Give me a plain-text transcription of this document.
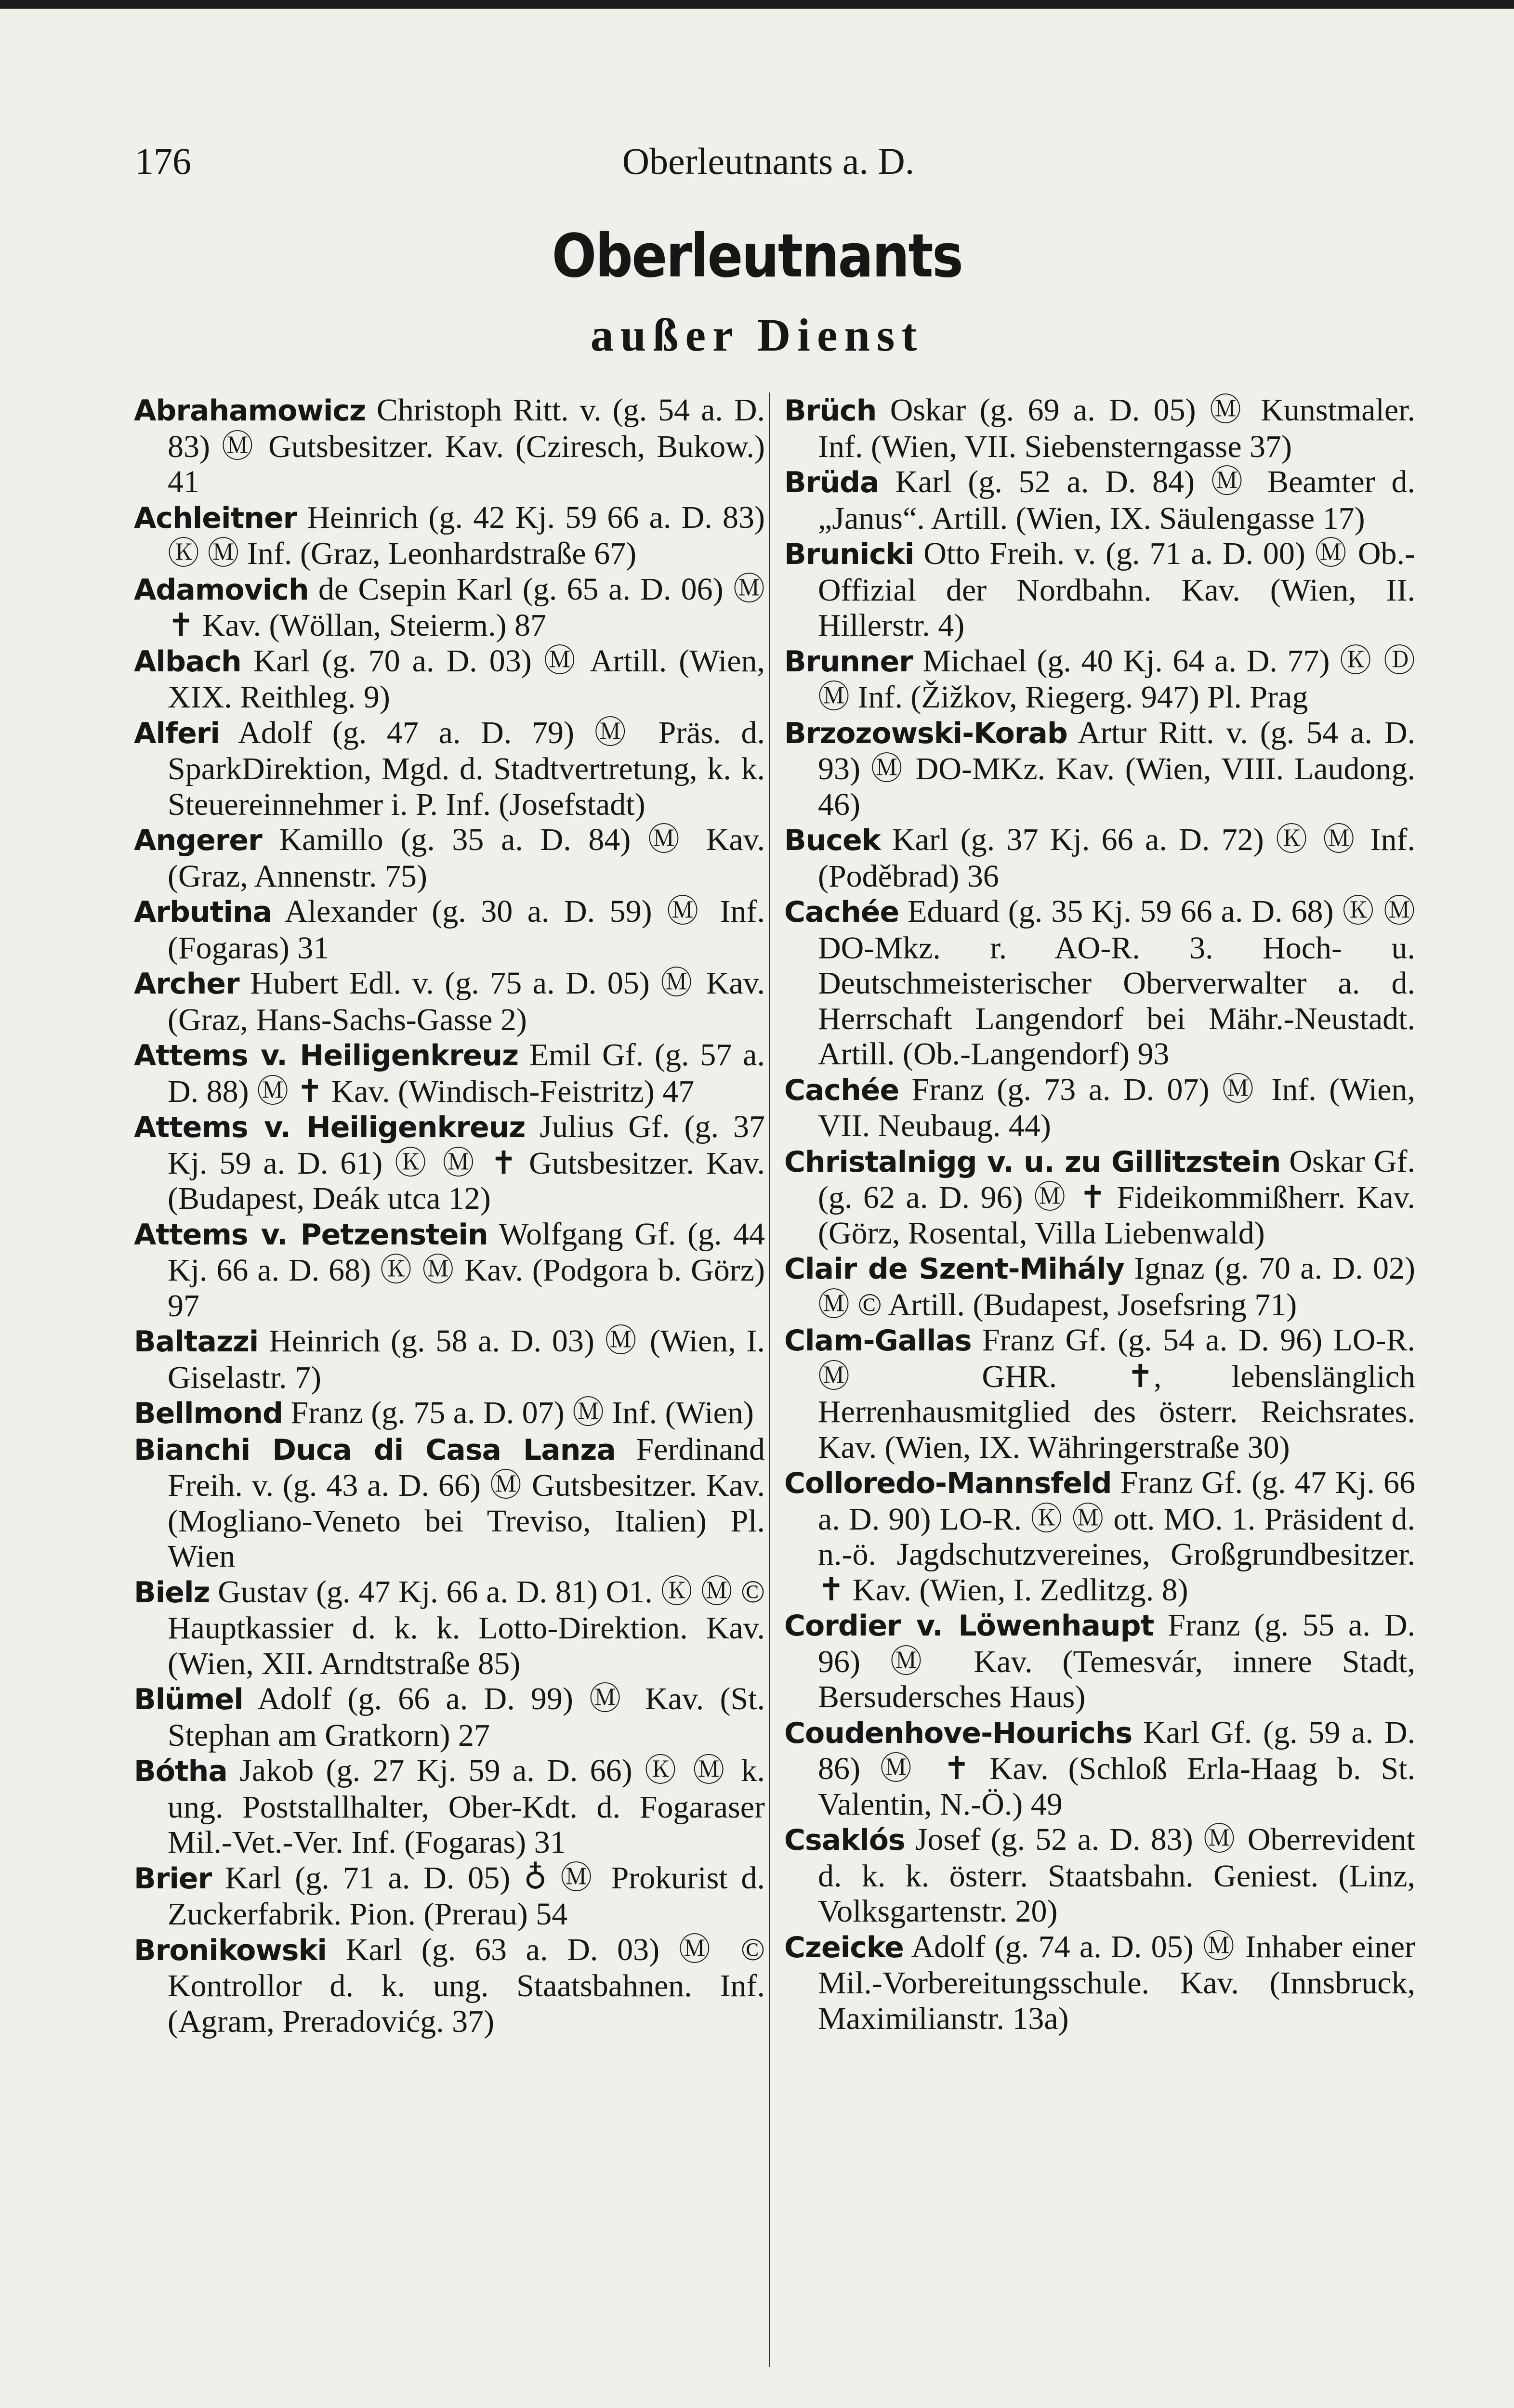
176	Oberleutnants a. D.
Oberleutnants
außer Dienst

Abrahamowicz Christoph Ritt. v. (g. 54 a. D. 83) Ⓜ Gutsbesitzer. Kav. (Cziresch, Bukow.) 41

Achleitner Heinrich (g. 42 Kj. 59 66 a. D. 83) Ⓚ Ⓜ Inf. (Graz, Leonhardstraße 67)

Adamovich de Csepin Karl (g. 65 a. D. 06) Ⓜ ✝ Kav. (Wöllan, Steierm.) 87

Albach Karl (g. 70 a. D. 03) Ⓜ Artill. (Wien, XIX. Reithleg. 9)

Alferi Adolf (g. 47 a. D. 79) Ⓜ Präs. d. SparkDirektion, Mgd. d. Stadtvertretung, k. k. Steuereinnehmer i. P. Inf. (Josefstadt)

Angerer Kamillo (g. 35 a. D. 84) Ⓜ Kav. (Graz, Annenstr. 75)

Arbutina Alexander (g. 30 a. D. 59) Ⓜ Inf. (Fogaras) 31

Archer Hubert Edl. v. (g. 75 a. D. 05) Ⓜ Kav. (Graz, Hans-Sachs-Gasse 2)

Attems v. Heiligenkreuz Emil Gf. (g. 57 a. D. 88) Ⓜ ✝ Kav. (Windisch-Feistritz) 47

Attems v. Heiligenkreuz Julius Gf. (g. 37 Kj. 59 a. D. 61) Ⓚ Ⓜ ✝ Gutsbesitzer. Kav. (Budapest, Deák utca 12)

Attems v. Petzenstein Wolfgang Gf. (g. 44 Kj. 66 a. D. 68) Ⓚ Ⓜ Kav. (Podgora b. Görz) 97

Baltazzi Heinrich (g. 58 a. D. 03) Ⓜ (Wien, I. Giselastr. 7)

Bellmond Franz (g. 75 a. D. 07) Ⓜ Inf. (Wien)

Bianchi Duca di Casa Lanza Ferdinand Freih. v. (g. 43 a. D. 66) Ⓜ Gutsbesitzer. Kav. (Mogliano-Veneto bei Treviso, Italien) Pl. Wien

Bielz Gustav (g. 47 Kj. 66 a. D. 81) O1. Ⓚ Ⓜ © Hauptkassier d. k. k. Lotto-Direktion. Kav. (Wien, XII. Arndtstraße 85)

Blümel Adolf (g. 66 a. D. 99) Ⓜ Kav. (St. Stephan am Gratkorn) 27

Bótha Jakob (g. 27 Kj. 59 a. D. 66) Ⓚ Ⓜ k. ung. Poststallhalter, Ober-Kdt. d. Fogaraser Mil.-Vet.-Ver. Inf. (Fogaras) 31

Brier Karl (g. 71 a. D. 05) ♁ Ⓜ Prokurist d. Zuckerfabrik. Pion. (Prerau) 54

Bronikowski Karl (g. 63 a. D. 03) Ⓜ © Kontrollor d. k. ung. Staatsbahnen. Inf. (Agram, Preradovićg. 37)

Brüch Oskar (g. 69 a. D. 05) Ⓜ Kunstmaler. Inf. (Wien, VII. Siebensterngasse 37)

Brüda Karl (g. 52 a. D. 84) Ⓜ Beamter d. „Janus“. Artill. (Wien, IX. Säulengasse 17)

Brunicki Otto Freih. v. (g. 71 a. D. 00) Ⓜ Ob.-Offizial der Nordbahn. Kav. (Wien, II. Hillerstr. 4)

Brunner Michael (g. 40 Kj. 64 a. D. 77) Ⓚ Ⓓ Ⓜ Inf. (Žižkov, Riegerg. 947) Pl. Prag

Brzozowski-Korab Artur Ritt. v. (g. 54 a. D. 93) Ⓜ DO-MKz. Kav. (Wien, VIII. Laudong. 46)

Bucek Karl (g. 37 Kj. 66 a. D. 72) Ⓚ Ⓜ Inf. (Poděbrad) 36

Cachée Eduard (g. 35 Kj. 59 66 a. D. 68) Ⓚ Ⓜ DO-Mkz. r. AO-R. 3. Hoch- u. Deutschmeisterischer Oberverwalter a. d. Herrschaft Langendorf bei Mähr.-Neustadt. Artill. (Ob.-Langendorf) 93

Cachée Franz (g. 73 a. D. 07) Ⓜ Inf. (Wien, VII. Neubaug. 44)

Christalnigg v. u. zu Gillitzstein Oskar Gf. (g. 62 a. D. 96) Ⓜ ✝ Fideikommißherr. Kav. (Görz, Rosental, Villa Liebenwald)

Clair de Szent-Mihály Ignaz (g. 70 a. D. 02) Ⓜ © Artill. (Budapest, Josefsring 71)

Clam-Gallas Franz Gf. (g. 54 a. D. 96) LO-R. Ⓜ GHR. ✝, lebenslänglich Herrenhausmitglied des österr. Reichsrates. Kav. (Wien, IX. Währingerstraße 30)

Colloredo-Mannsfeld Franz Gf. (g. 47 Kj. 66 a. D. 90) LO-R. Ⓚ Ⓜ ott. MO. 1. Präsident d. n.-ö. Jagdschutzvereines, Großgrundbesitzer. ✝ Kav. (Wien, I. Zedlitzg. 8)

Cordier v. Löwenhaupt Franz (g. 55 a. D. 96) Ⓜ Kav. (Temesvár, innere Stadt, Bersudersches Haus)

Coudenhove-Hourichs Karl Gf. (g. 59 a. D. 86) Ⓜ ✝ Kav. (Schloß Erla-Haag b. St. Valentin, N.-Ö.) 49

Csaklós Josef (g. 52 a. D. 83) Ⓜ Oberrevident d. k. k. österr. Staatsbahn. Geniest. (Linz, Volksgartenstr. 20)

Czeicke Adolf (g. 74 a. D. 05) Ⓜ Inhaber einer Mil.-Vorbereitungsschule. Kav. (Innsbruck, Maximilianstr. 13a)
